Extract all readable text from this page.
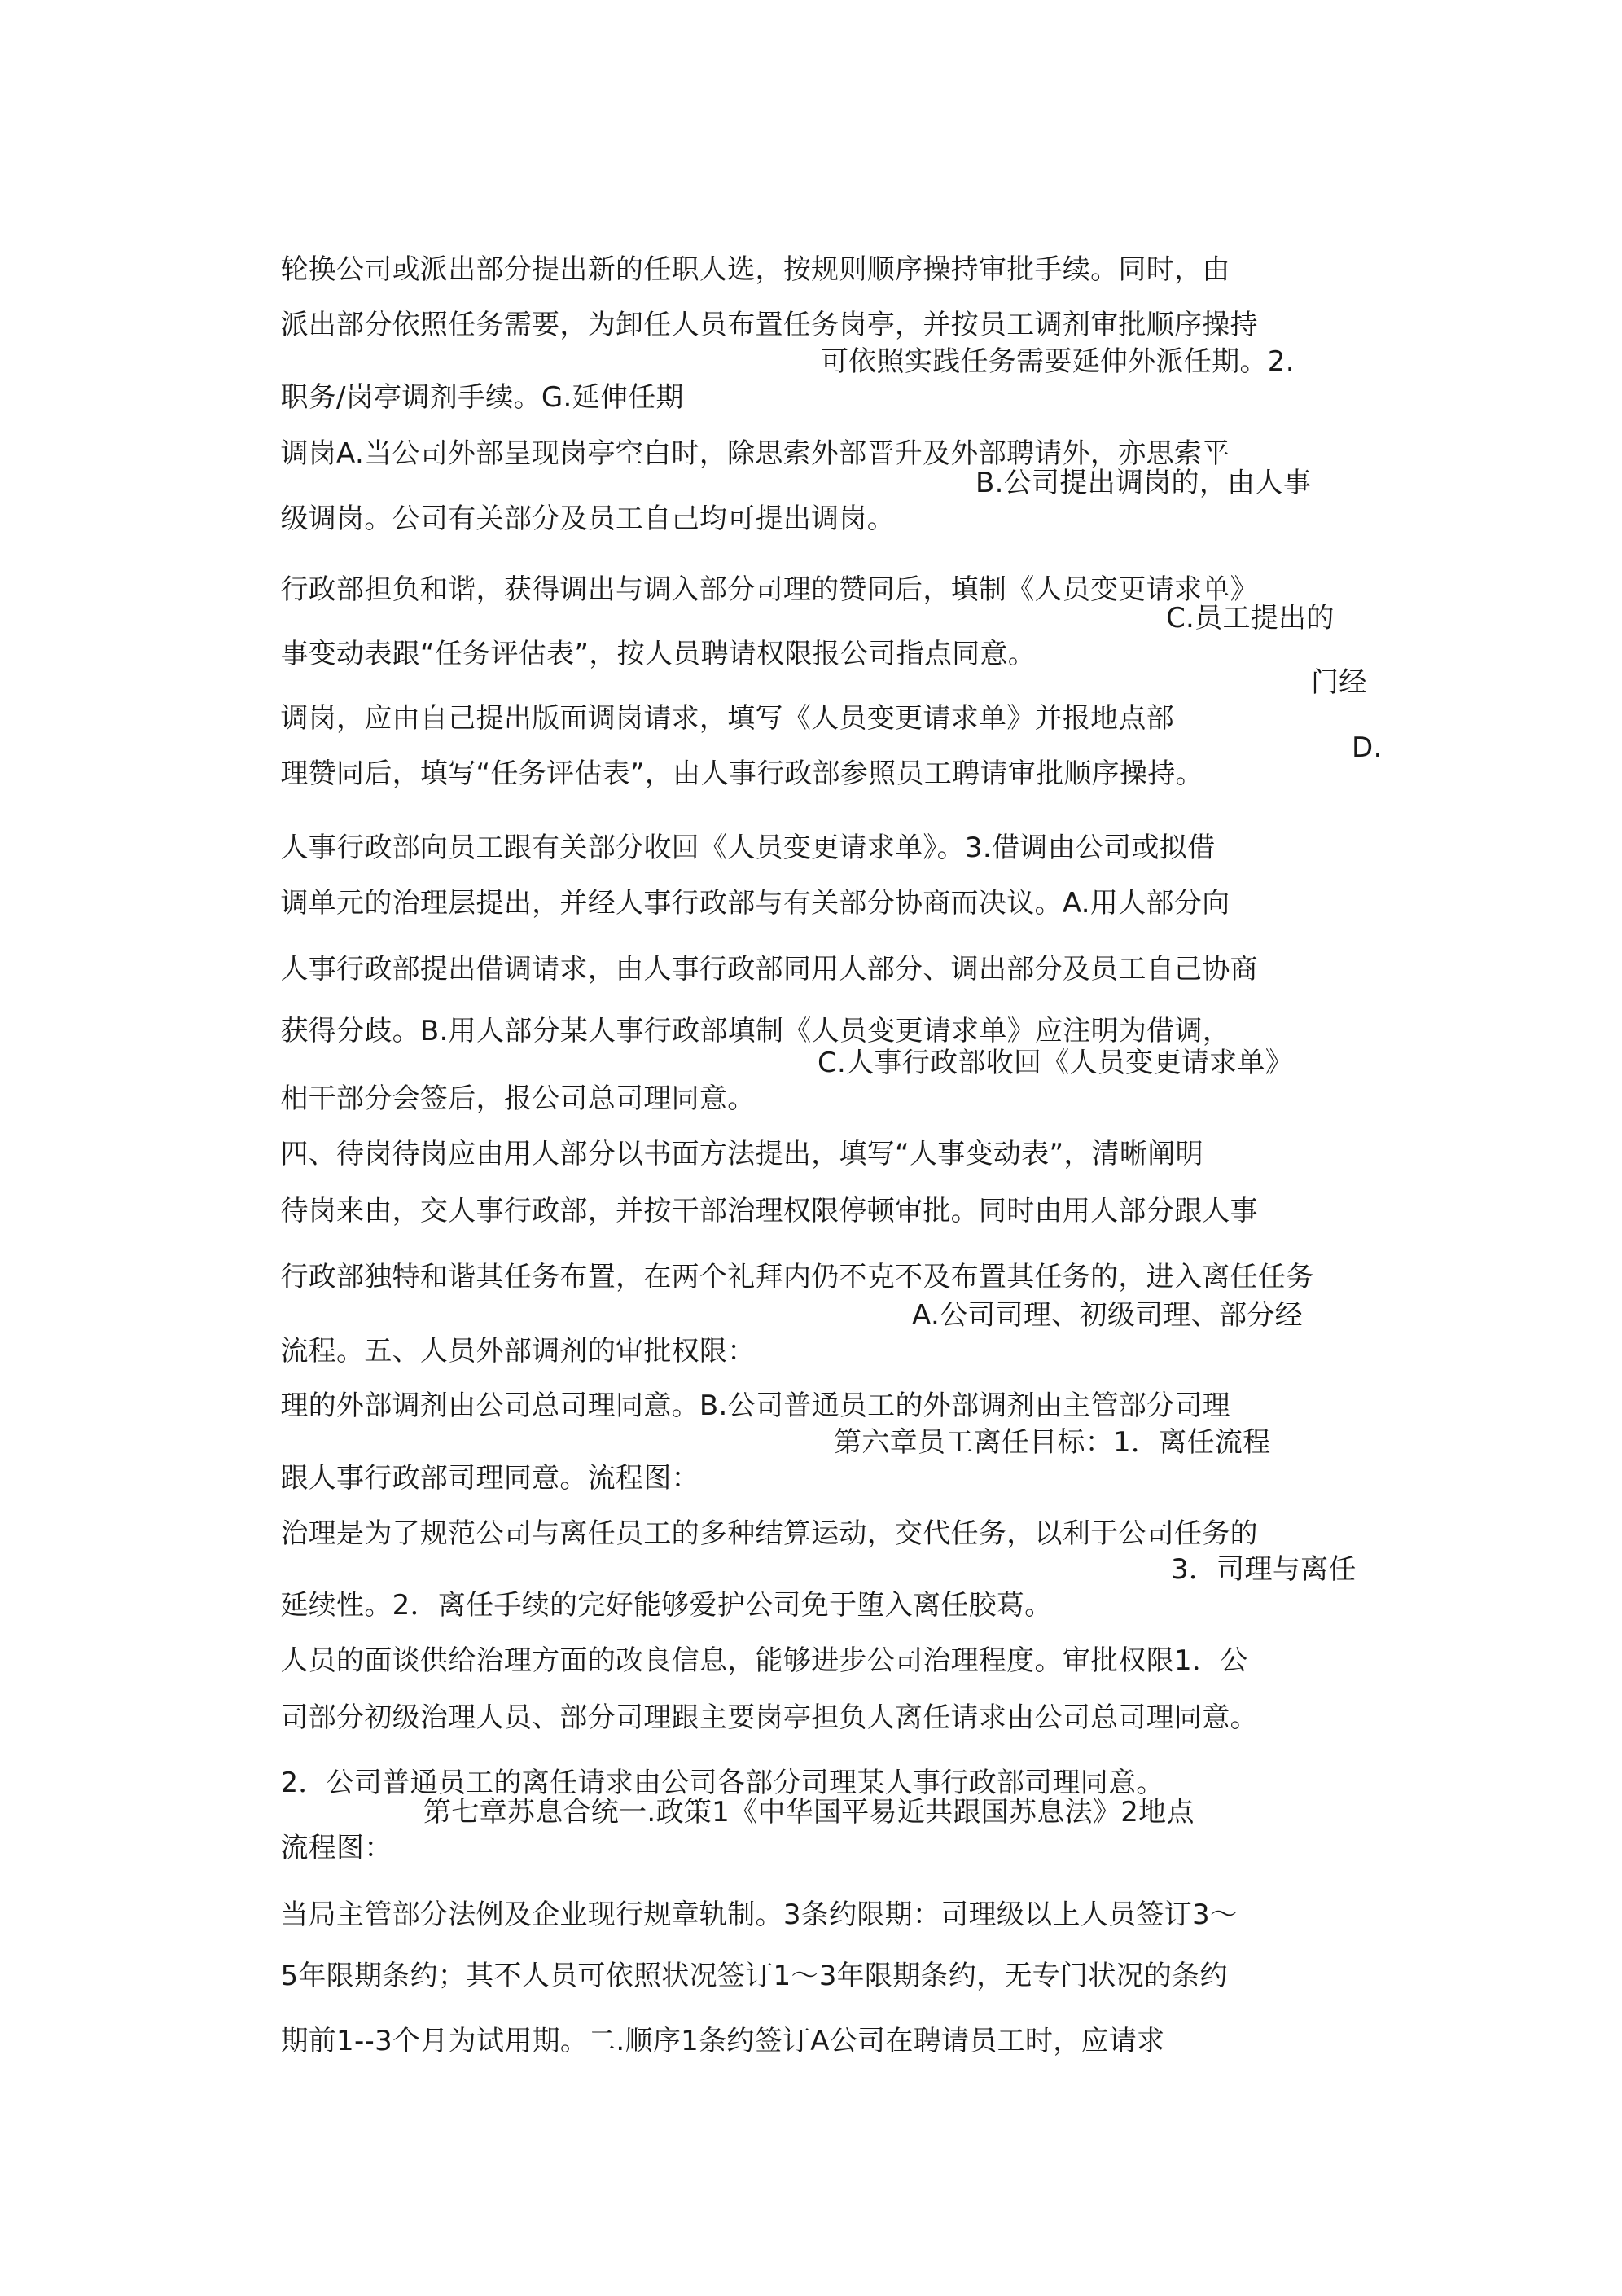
轮换公司或派出部分提出新的任职人选，按规则顺序操持审批手续。同时，由

派出部分依照任务需要，为卸任人员布置任务岗亭，并按员工调剂审批顺序操持

职务/岗亭调剂手续。G.延伸任期

可依照实践任务需要延伸外派任期。2.

调岗A.当公司外部呈现岗亭空白时，除思索外部晋升及外部聘请外，亦思索平

级调岗。公司有关部分及员工自己均可提出调岗。

B.公司提出调岗的，由人事

行政部担负和谐，获得调出与调入部分司理的赞同后，填制《人员变更请求单》

事变动表跟“任务评估表”，按人员聘请权限报公司指点同意。

C.员工提出的

调岗，应由自己提出版面调岗请求，填写《人员变更请求单》并报地点部

门经

理赞同后，填写“任务评估表”，由人事行政部参照员工聘请审批顺序操持。

D.

人事行政部向员工跟有关部分收回《人员变更请求单》。3.借调由公司或拟借

调单元的治理层提出，并经人事行政部与有关部分协商而决议。A.用人部分向

人事行政部提出借调请求，由人事行政部同用人部分、调出部分及员工自己协商

获得分歧。B.用人部分某人事行政部填制《人员变更请求单》应注明为借调，

相干部分会签后，报公司总司理同意。

C.人事行政部收回《人员变更请求单》

四、待岗待岗应由用人部分以书面方法提出，填写“人事变动表”，清晰阐明

待岗来由，交人事行政部，并按干部治理权限停顿审批。同时由用人部分跟人事

行政部独特和谐其任务布置，在两个礼拜内仍不克不及布置其任务的，进入离任任务

流程。五、人员外部调剂的审批权限：

A.公司司理、初级司理、部分经

理的外部调剂由公司总司理同意。B.公司普通员工的外部调剂由主管部分司理

跟人事行政部司理同意。流程图：

第六章员工离任目标：1．离任流程

治理是为了规范公司与离任员工的多种结算运动，交代任务，以利于公司任务的

延续性。2．离任手续的完好能够爱护公司免于堕入离任胶葛。

3．司理与离任

人员的面谈供给治理方面的改良信息，能够进步公司治理程度。审批权限1．公

司部分初级治理人员、部分司理跟主要岗亭担负人离任请求由公司总司理同意。

2．公司普通员工的离任请求由公司各部分司理某人事行政部司理同意。

流程图：

第七章苏息合统一.政策1《中华国平易近共跟国苏息法》2地点

当局主管部分法例及企业现行规章轨制。3条约限期：司理级以上人员签订3～

5年限期条约；其不人员可依照状况签订1～3年限期条约，无专门状况的条约

期前1--3个月为试用期。二.顺序1条约签订A公司在聘请员工时，应请求
